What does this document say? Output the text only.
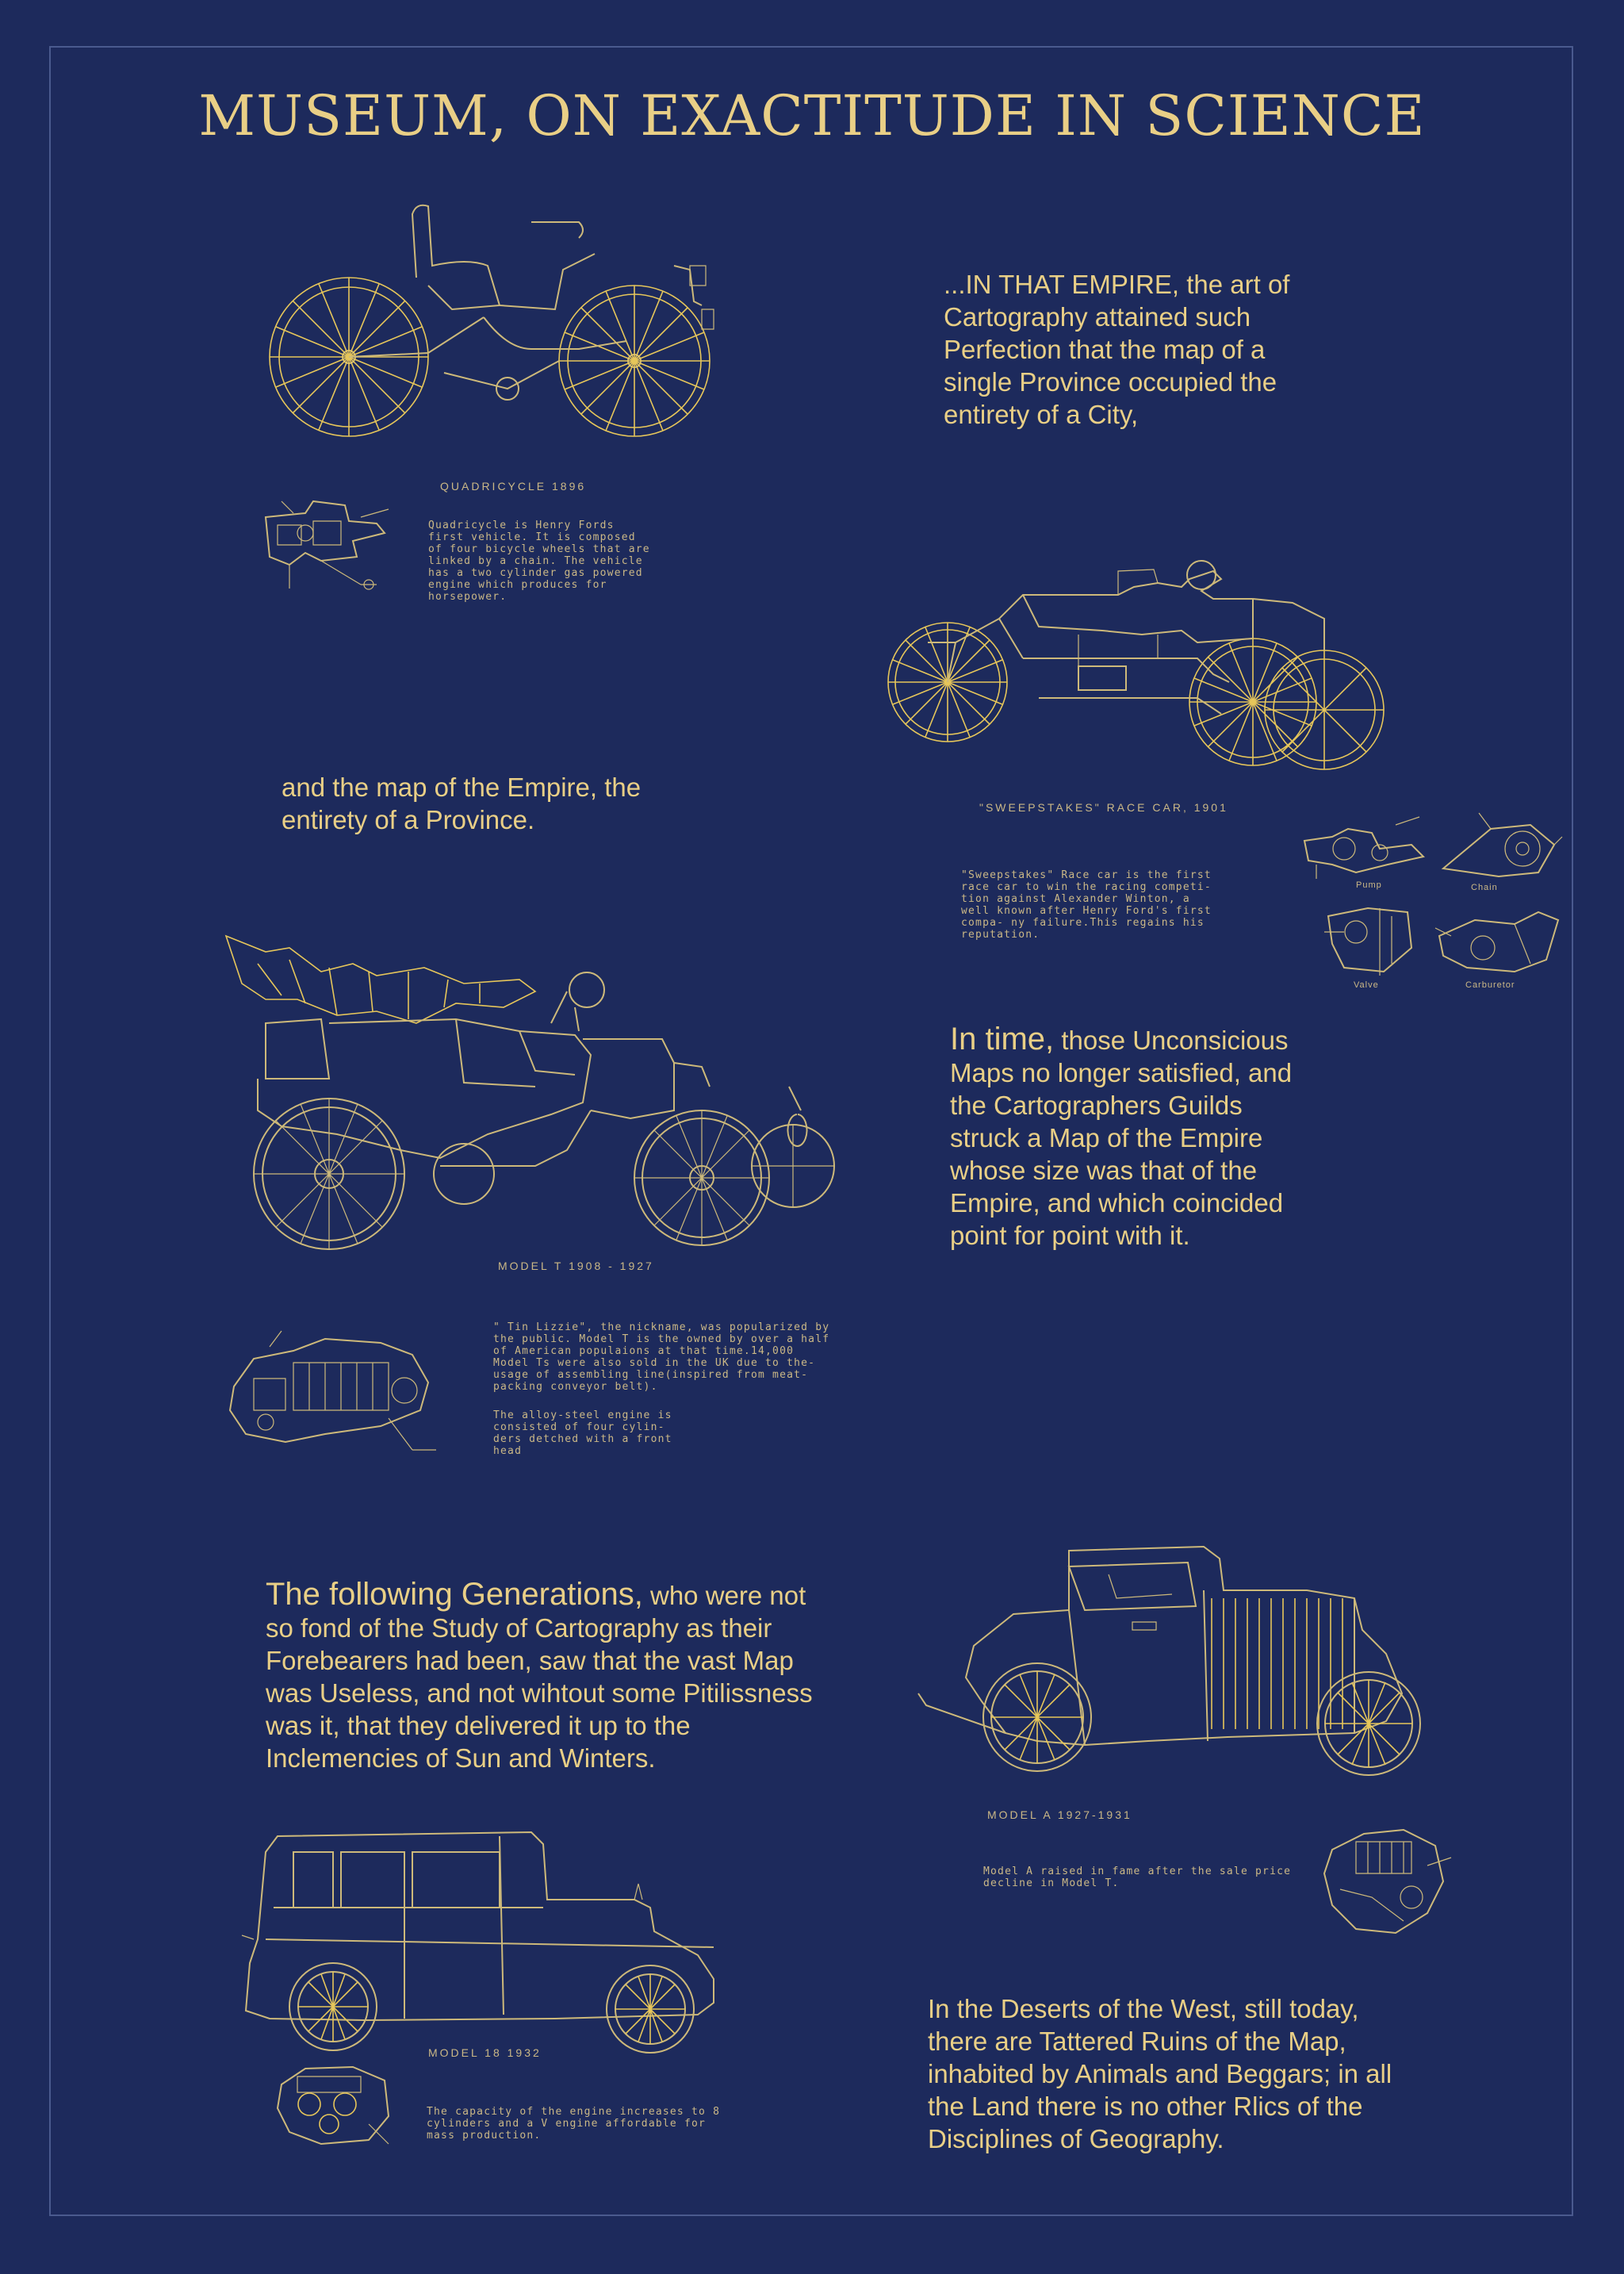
MUSEUM, ON EXACTITUDE IN SCIENCE

...IN THAT EMPIRE, the art of Cartography attained such Perfection that the map of a single Province occupied the entirety of a City,

and the map of the Empire, the entirety of a Province.

In time, those Unconsicious Maps no longer satisfied, and the Cartographers Guilds struck a Map of the Empire whose size was that of the Empire, and which coincided point for point with it.

The following Generations, who were not so fond of the Study of Cartography as their Forebearers had been, saw that the vast Map was Useless, and not wihtout some Pitilissness was it, that they delivered it up to the Inclemencies of Sun and Winters.

In the Deserts of the West, still today, there are Tattered Ruins of the Map, inhabited by Animals and Beggars; in all the Land there is no other Rlics of the Disciplines of Geography.

QUADRICYCLE 1896

Quadricycle is Henry Fords first vehicle. It is composed of four bicycle wheels that are linked by a chain. The vehicle has a two cylinder gas powered engine which produces for horsepower.

"SWEEPSTAKES" RACE CAR, 1901

"Sweepstakes" Race car is the first race car to win the racing competi- tion against Alexander Winton, a well known after Henry Ford's first compa- ny failure.This regains his reputation.

Pump	Chain
Valve	Carburetor
MODEL T 1908 - 1927

" Tin Lizzie", the nickname, was popularized by the public. Model T is the owned by over a half of American populaions at that time.14,000 Model Ts were also sold in the UK due to the- usage of assembling line(inspired from meat- packing conveyor belt).

The alloy-steel engine is consisted of four cylin- ders detched with a front head

MODEL A 1927-1931

Model A raised in fame after the sale price decline in Model T.

MODEL 18 1932

The capacity of the engine increases to 8 cylinders and a V engine affordable for mass production.
